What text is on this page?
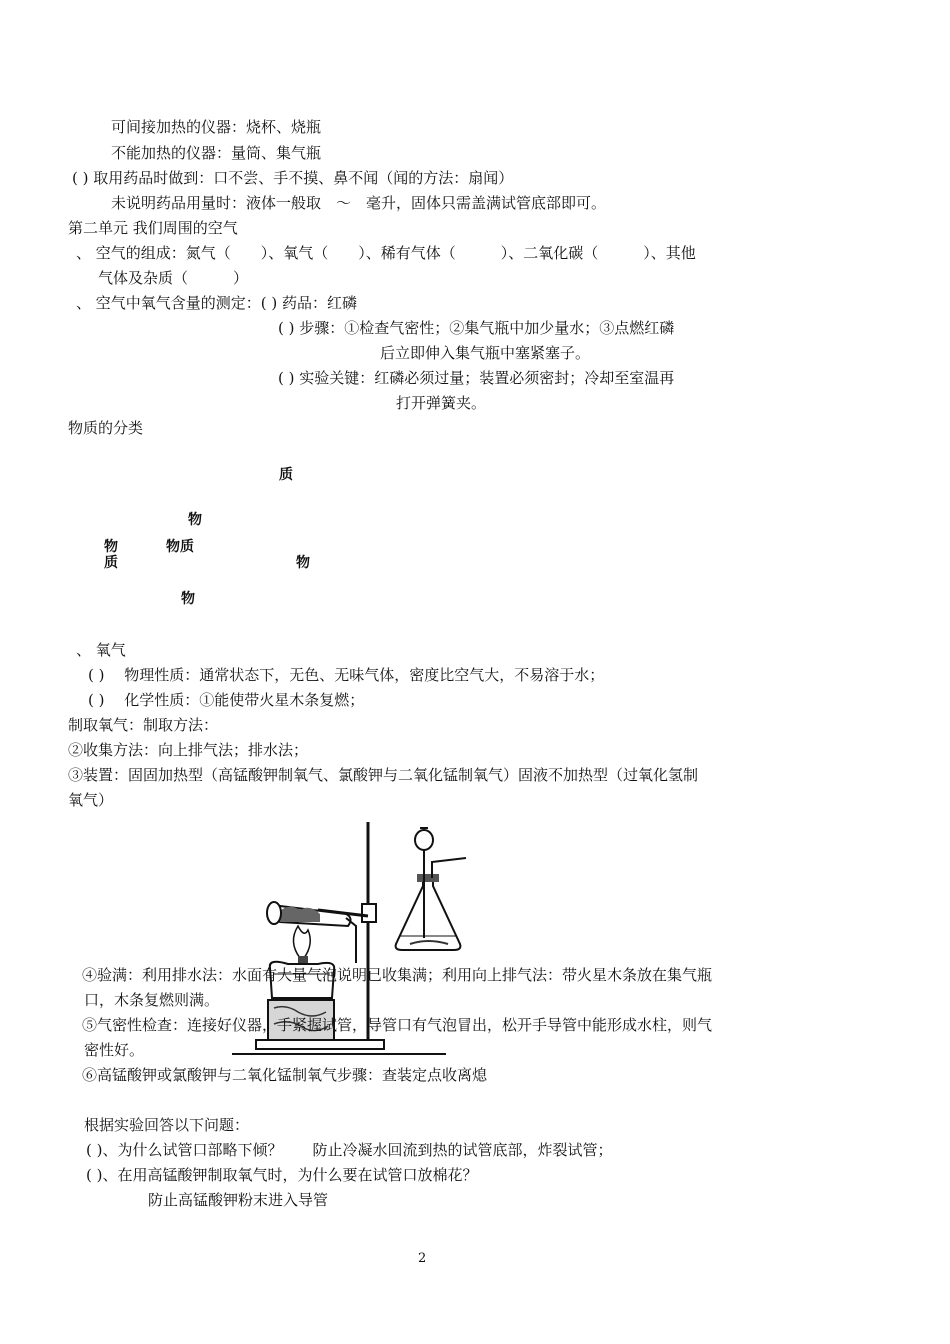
可间接加热的仪器：烧杯、烧瓶
不能加热的仪器：量筒、集气瓶
( ) 取用药品时做到：口不尝、手不摸、鼻不闻（闻的方法：扇闻）
未说明药品用量时：液体一般取　～　毫升，固体只需盖满试管底部即可。
第二单元 我们周围的空气
、 空气的组成：氮气（　　）、氧气（　　）、稀有气体（　　　）、二氧化碳（　　　）、其他
气体及杂质（　　　）
、 空气中氧气含量的测定：( ) 药品：红磷
( ) 步骤：①检查气密性；②集气瓶中加少量水；③点燃红磷
后立即伸入集气瓶中塞紧塞子。
( ) 实验关键：红磷必须过量；装置必须密封；冷却至室温再
打开弹簧夹。
物质的分类
质
物
物	物质
质	物
物
、 氧气
( )　 物理性质：通常状态下，无色、无味气体，密度比空气大，不易溶于水；
( )　 化学性质：①能使带火星木条复燃；
制取氧气：制取方法：
②收集方法：向上排气法；排水法；
③装置：固固加热型（高锰酸钾制氧气、氯酸钾与二氧化锰制氧气）固液不加热型（过氧化氢制
氧气）
④验满：利用排水法：水面有大量气泡说明已收集满；利用向上排气法：带火星木条放在集气瓶
口，木条复燃则满。
⑤气密性检查：连接好仪器，手紧握试管，导管口有气泡冒出，松开手导管中能形成水柱，则气
密性好。
⑥高锰酸钾或氯酸钾与二氧化锰制氧气步骤：查装定点收离熄
根据实验回答以下问题：
( )、为什么试管口部略下倾？　　防止冷凝水回流到热的试管底部，炸裂试管；
( )、在用高锰酸钾制取氧气时，为什么要在试管口放棉花？
防止高锰酸钾粉末进入导管
2
